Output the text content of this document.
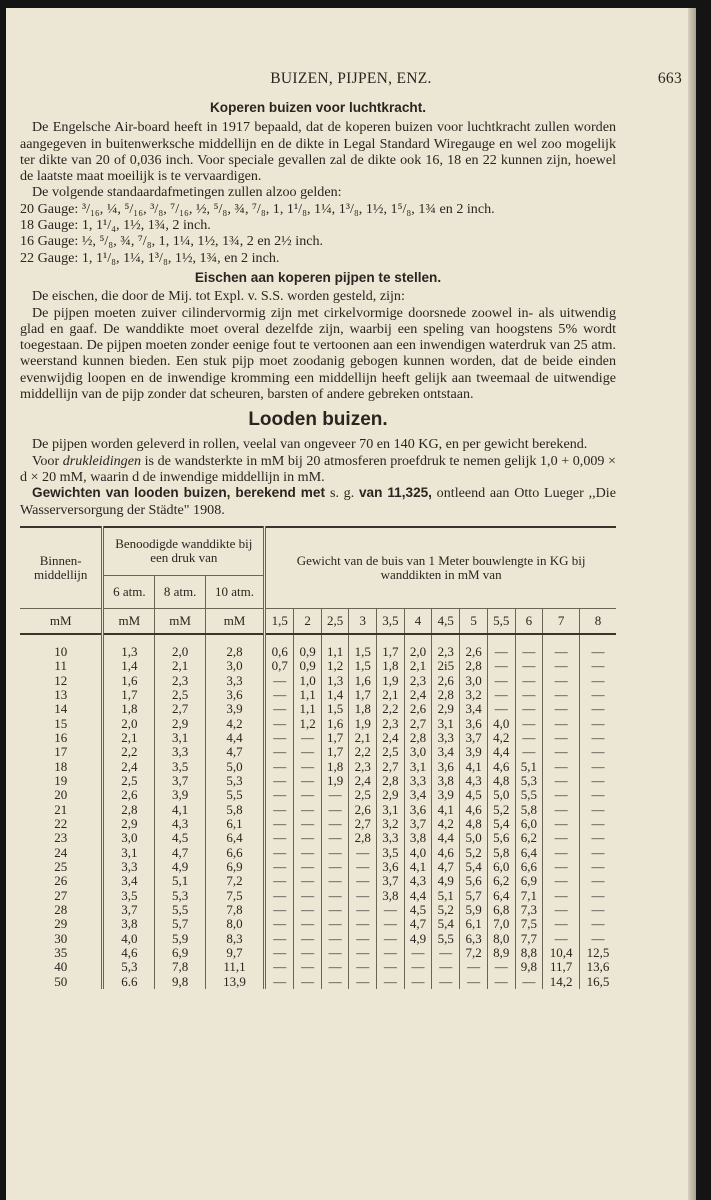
BUIZEN, PIJPEN, ENZ.	663
Koperen buizen voor luchtkracht.

De Engelsche Air-board heeft in 1917 bepaald, dat de koperen buizen voor luchtkracht zullen worden aangegeven in buitenwerksche middellijn en de dikte in Legal Standard Wiregauge en wel zoo mogelijk ter dikte van 20 of 0,036 inch. Voor speciale gevallen zal de dikte ook 16, 18 en 22 kunnen zijn, hoewel de laatste maat moeilijk is te vervaardigen.

De volgende standaardafmetingen zullen alzoo gelden:

20 Gauge: ³/₁₆, ¼, ⁵/₁₆, ³/₈, ⁷/₁₆, ½, ⁵/₈, ¾, ⁷/₈, 1, 1¹/₈, 1¼, 1³/₈, 1½, 1⁵/₈, 1¾ en 2 inch.
18 Gauge: 1, 1¹/₄, 1½, 1¾, 2 inch.
16 Gauge: ½, ⁵/₈, ¾, ⁷/₈, 1, 1¼, 1½, 1¾, 2 en 2½ inch.
22 Gauge: 1, 1¹/₈, 1¼, 1³/₈, 1½, 1¾, en 2 inch.
Eischen aan koperen pijpen te stellen.

De eischen, die door de Mij. tot Expl. v. S.S. worden gesteld, zijn:

De pijpen moeten zuiver cilindervormig zijn met cirkelvormige doorsnede zoowel in- als uitwendig glad en gaaf. De wanddikte moet overal dezelfde zijn, waarbij een speling van hoogstens 5% wordt toegestaan. De pijpen moeten zonder eenige fout te vertoonen aan een inwendigen waterdruk van 25 atm. weerstand kunnen bieden. Een stuk pijp moet zoodanig gebogen kunnen worden, dat de beide einden evenwijdig loopen en de inwendige kromming een middellijn heeft gelijk aan tweemaal de uitwendige middellijn van de pijp zonder dat scheuren, barsten of andere gebreken ontstaan.

Looden buizen.

De pijpen worden geleverd in rollen, veelal van ongeveer 70 en 140 KG, en per gewicht berekend.

Voor drukleidingen is de wandsterkte in mM bij 20 atmosferen proefdruk te nemen gelijk 1,0 + 0,009 × d × 20 mM, waarin d de inwendige middellijn in mM.

Gewichten van looden buizen, berekend met s. g. van 11,325, ontleend aan Otto Lueger ,,Die Wasserversorgung der Städte" 1908.

Binnen-middellijn	Benoodigde wanddikte bij een druk van			Gewicht van de buis van 1 Meter bouwlengte in KG bij wanddikten in mM van											
	6 atm.	8 atm.	10 atm.												
mM	mM	mM	mM	1,5	2	2,5	3	3,5	4	4,5	5	5,5	6	7	8
10	1,3	2,0	2,8	0,6	0,9	1,1	1,5	1,7	2,0	2,3	2,6	—	—	—	—
11	1,4	2,1	3,0	0,7	0,9	1,2	1,5	1,8	2,1	2i5	2,8	—	—	—	—
12	1,6	2,3	3,3	—	1,0	1,3	1,6	1,9	2,3	2,6	3,0	—	—	—	—
13	1,7	2,5	3,6	—	1,1	1,4	1,7	2,1	2,4	2,8	3,2	—	—	—	—
14	1,8	2,7	3,9	—	1,1	1,5	1,8	2,2	2,6	2,9	3,4	—	—	—	—
15	2,0	2,9	4,2	—	1,2	1,6	1,9	2,3	2,7	3,1	3,6	4,0	—	—	—
16	2,1	3,1	4,4	—	—	1,7	2,1	2,4	2,8	3,3	3,7	4,2	—	—	—
17	2,2	3,3	4,7	—	—	1,7	2,2	2,5	3,0	3,4	3,9	4,4	—	—	—
18	2,4	3,5	5,0	—	—	1,8	2,3	2,7	3,1	3,6	4,1	4,6	5,1	—	—
19	2,5	3,7	5,3	—	—	1,9	2,4	2,8	3,3	3,8	4,3	4,8	5,3	—	—
20	2,6	3,9	5,5	—	—	—	2,5	2,9	3,4	3,9	4,5	5,0	5,5	—	—
21	2,8	4,1	5,8	—	—	—	2,6	3,1	3,6	4,1	4,6	5,2	5,8	—	—
22	2,9	4,3	6,1	—	—	—	2,7	3,2	3,7	4,2	4,8	5,4	6,0	—	—
23	3,0	4,5	6,4	—	—	—	2,8	3,3	3,8	4,4	5,0	5,6	6,2	—	—
24	3,1	4,7	6,6	—	—	—	—	3,5	4,0	4,6	5,2	5,8	6,4	—	—
25	3,3	4,9	6,9	—	—	—	—	3,6	4,1	4,7	5,4	6,0	6,6	—	—
26	3,4	5,1	7,2	—	—	—	—	3,7	4,3	4,9	5,6	6,2	6,9	—	—
27	3,5	5,3	7,5	—	—	—	—	3,8	4,4	5,1	5,7	6,4	7,1	—	—
28	3,7	5,5	7,8	—	—	—	—	—	4,5	5,2	5,9	6,8	7,3	—	—
29	3,8	5,7	8,0	—	—	—	—	—	4,7	5,4	6,1	7,0	7,5	—	—
30	4,0	5,9	8,3	—	—	—	—	—	4,9	5,5	6,3	8,0	7,7	—	—
35	4,6	6,9	9,7	—	—	—	—	—	—	—	7,2	8,9	8,8	10,4	12,5
40	5,3	7,8	11,1	—	—	—	—	—	—	—	—	—	9,8	11,7	13,6
50	6.6	9,8	13,9	—	—	—	—	—	—	—	—	—	—	14,2	16,5
